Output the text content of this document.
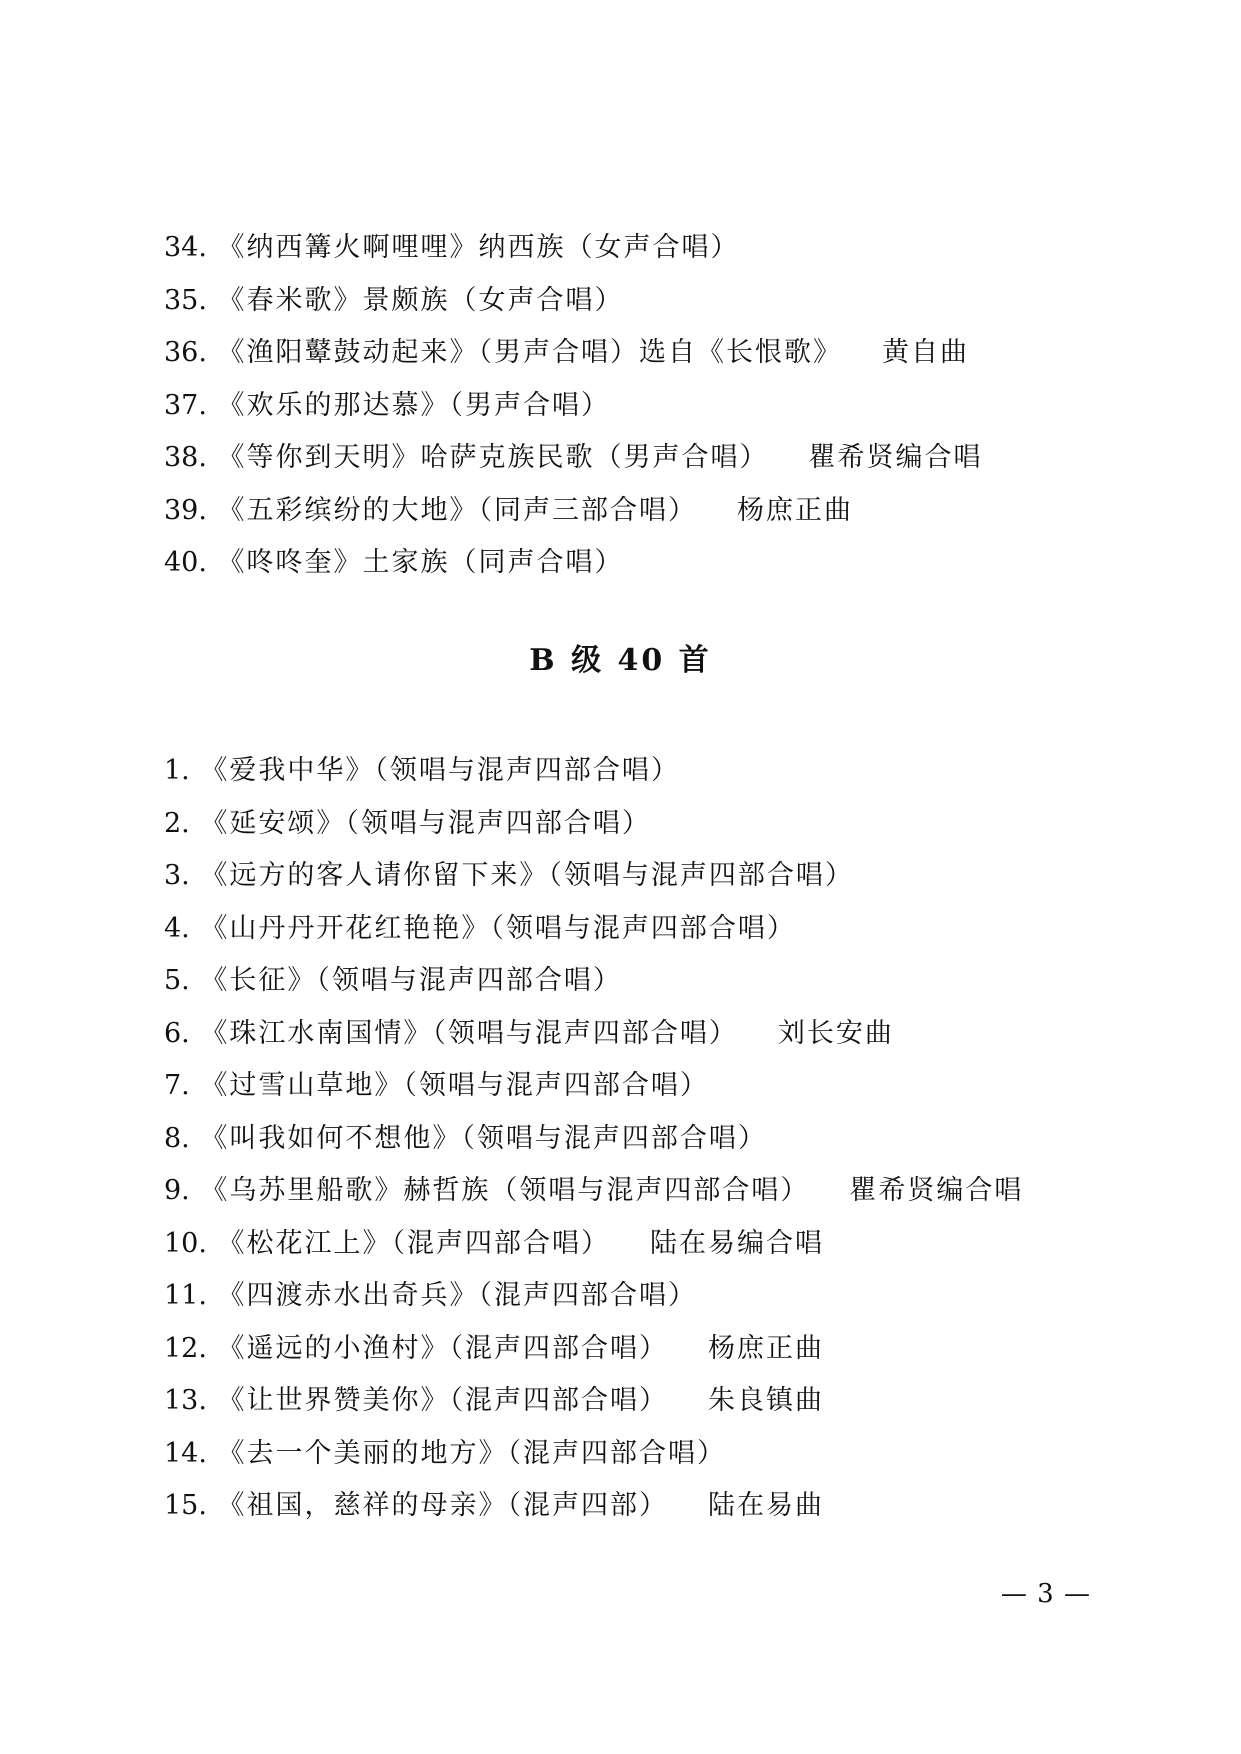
34. 《纳西篝火啊哩哩》纳西族（女声合唱）
35. 《春米歌》景颇族（女声合唱）
36. 《渔阳鼙鼓动起来》（男声合唱）选自《长恨歌》 黄自曲
37. 《欢乐的那达慕》（男声合唱）
38. 《等你到天明》哈萨克族民歌（男声合唱） 瞿希贤编合唱
39. 《五彩缤纷的大地》（同声三部合唱） 杨庶正曲
40. 《咚咚奎》土家族（同声合唱）
B 级 40 首
1. 《爱我中华》（领唱与混声四部合唱）
2. 《延安颂》（领唱与混声四部合唱）
3. 《远方的客人请你留下来》（领唱与混声四部合唱）
4. 《山丹丹开花红艳艳》（领唱与混声四部合唱）
5. 《长征》（领唱与混声四部合唱）
6. 《珠江水南国情》（领唱与混声四部合唱） 刘长安曲
7. 《过雪山草地》（领唱与混声四部合唱）
8. 《叫我如何不想他》（领唱与混声四部合唱）
9. 《乌苏里船歌》赫哲族（领唱与混声四部合唱） 瞿希贤编合唱
10. 《松花江上》（混声四部合唱） 陆在易编合唱
11. 《四渡赤水出奇兵》（混声四部合唱）
12. 《遥远的小渔村》（混声四部合唱） 杨庶正曲
13. 《让世界赞美你》（混声四部合唱） 朱良镇曲
14. 《去一个美丽的地方》（混声四部合唱）
15. 《祖国，慈祥的母亲》（混声四部） 陆在易曲
— 3 —
